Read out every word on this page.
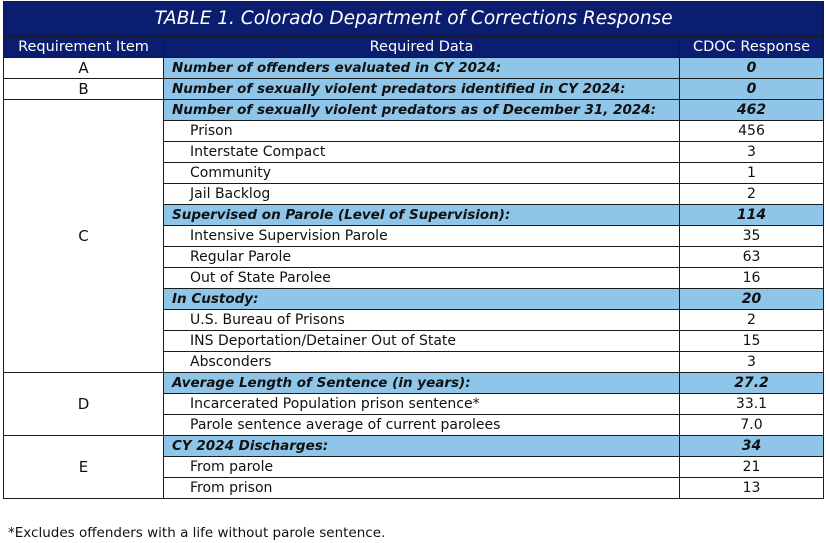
TABLE 1. Colorado Department of Corrections Response		
Requirement Item	Required Data	CDOC Response
A	Number of offenders evaluated in CY 2024:	0
B	Number of sexually violent predators identified in CY 2024:	0
C	Number of sexually violent predators as of December 31, 2024:	462
	Prison	456
	Interstate Compact	3
	Community	1
	Jail Backlog	2
	Supervised on Parole (Level of Supervision):	114
	Intensive Supervision Parole	35
	Regular Parole	63
	Out of State Parolee	16
	In Custody:	20
	U.S. Bureau of Prisons	2
	INS Deportation/Detainer Out of State	15
	Absconders	3
D	Average Length of Sentence (in years):	27.2
	Incarcerated Population prison sentence*	33.1
	Parole sentence average of current parolees	7.0
E	CY 2024 Discharges:	34
	From parole	21
	From prison	13
*Excludes offenders with a life without parole sentence.
